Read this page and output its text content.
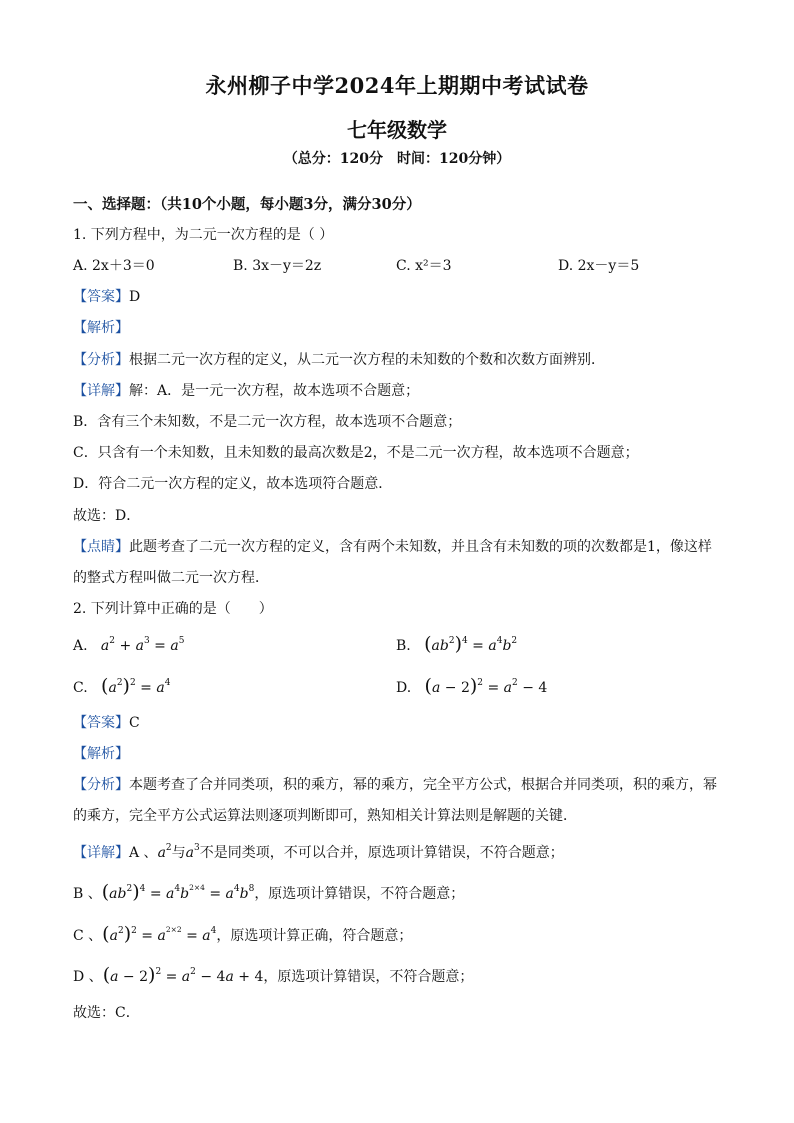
永州柳子中学2024年上期期中考试试卷
七年级数学
（总分：120分　时间：120分钟）
一、选择题：（共10个小题，每小题3分，满分30分）
1. 下列方程中，为二元一次方程的是（ ）
A. 2x＋3＝0	B. 3x－y＝2z	C. x²＝3	D. 2x－y＝5
【答案】D
【解析】
【分析】根据二元一次方程的定义，从二元一次方程的未知数的个数和次数方面辨别．
【详解】解：A．是一元一次方程，故本选项不合题意；
B．含有三个未知数，不是二元一次方程，故本选项不合题意；
C．只含有一个未知数，且未知数的最高次数是2，不是二元一次方程，故本选项不合题意；
D．符合二元一次方程的定义，故本选项符合题意．
故选：D．
【点睛】此题考查了二元一次方程的定义，含有两个未知数，并且含有未知数的项的次数都是1，像这样
的整式方程叫做二元一次方程．
2. 下列计算中正确的是（　　）
A. $a^2 + a^3 = a^5$	B. $(ab^2)^4 = a^4b^2$
C. $(a^2)^2 = a^4$	D. $(a - 2)^2 = a^2 - 4$
【答案】C
【解析】
【分析】本题考查了合并同类项，积的乘方，幂的乘方，完全平方公式，根据合并同类项，积的乘方，幂
的乘方，完全平方公式运算法则逐项判断即可，熟知相关计算法则是解题的关键．
【详解】A 、$a^2$与$a^3$不是同类项，不可以合并，原选项计算错误，不符合题意；
B 、$(ab^2)^4 = a^4b^{2\times 4} = a^4b^8$，原选项计算错误，不符合题意；
C 、$(a^2)^2 = a^{2\times 2} = a^4$，原选项计算正确，符合题意；
D 、$(a - 2)^2 = a^2 - 4a + 4$，原选项计算错误，不符合题意；
故选：C．
